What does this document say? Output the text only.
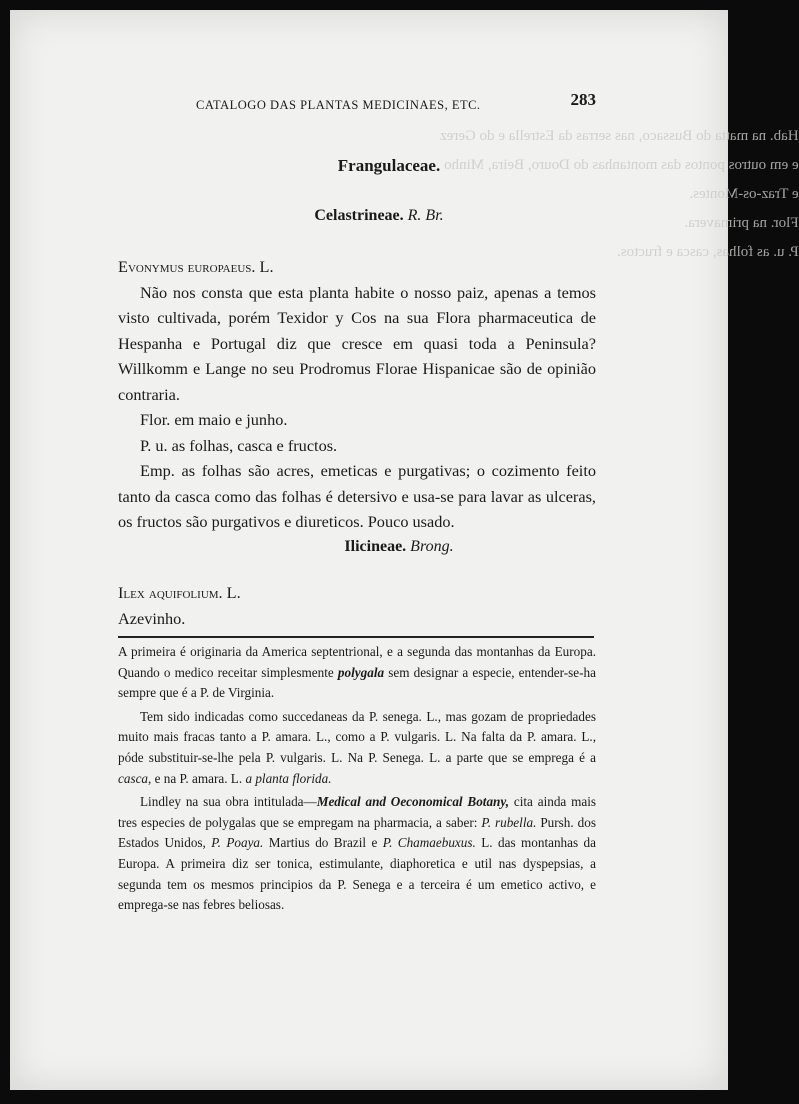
Hab. na matta do Bussaco, nas serras da Estrella e do Gerez
e em outros pontos das montanhas do Douro, Beira, Minho
e Traz-os-Montes.
Flor. na primavera.
P. u. as folhas, casca e fructos.
CATALOGO DAS PLANTAS MEDICINAES, ETC.	283
Frangulaceae.
Celastrineae. R. Br.

Evonymus europaeus. L.

Não nos consta que esta planta habite o nosso paiz, apenas a temos visto cultivada, porém Texidor y Cos na sua Flora pharmaceutica de Hespanha e Portugal diz que cresce em quasi toda a Peninsula? Willkomm e Lange no seu Prodromus Florae Hispanicae são de opinião contraria.

Flor. em maio e junho.

P. u. as folhas, casca e fructos.

Emp. as folhas são acres, emeticas e purgativas; o cozimento feito tanto da casca como das folhas é detersivo e usa-se para lavar as ulceras, os fructos são purgativos e diureticos. Pouco usado.

Ilicineae. Brong.

Ilex aquifolium. L.

Azevinho.

A primeira é originaria da America septentrional, e a segunda das montanhas da Europa. Quando o medico receitar simplesmente polygala sem designar a especie, entender-se-ha sempre que é a P. de Virginia.

Tem sido indicadas como succedaneas da P. senega. L., mas gozam de propriedades muito mais fracas tanto a P. amara. L., como a P. vulgaris. L. Na falta da P. amara. L., póde substituir-se-lhe pela P. vulgaris. L. Na P. Senega. L. a parte que se emprega é a casca, e na P. amara. L. a planta florida.

Lindley na sua obra intitulada—Medical and Oeconomical Botany, cita ainda mais tres especies de polygalas que se empregam na pharmacia, a saber: P. rubella. Pursh. dos Estados Unidos, P. Poaya. Martius do Brazil e P. Chamaebuxus. L. das montanhas da Europa. A primeira diz ser tonica, estimulante, diaphoretica e util nas dyspepsias, a segunda tem os mesmos principios da P. Senega e a terceira é um emetico activo, e emprega-se nas febres beliosas.
